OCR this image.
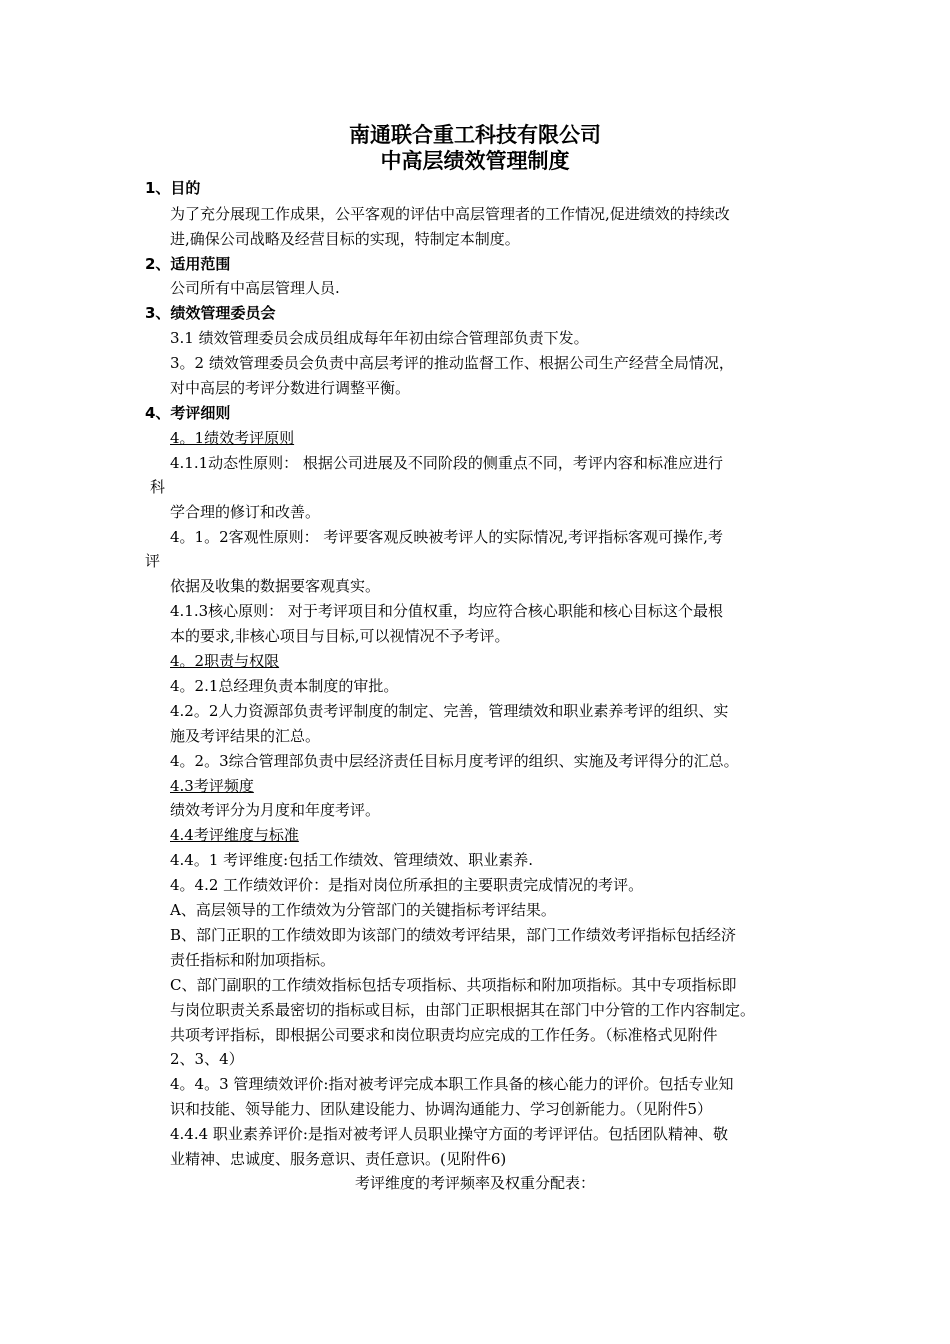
南通联合重工科技有限公司
中高层绩效管理制度
1、目的
为了充分展现工作成果，公平客观的评估中高层管理者的工作情况,促进绩效的持续改
进,确保公司战略及经营目标的实现，特制定本制度。
2、适用范围
公司所有中高层管理人员.
3、绩效管理委员会
3.1 绩效管理委员会成员组成每年年初由综合管理部负责下发。
3。2 绩效管理委员会负责中高层考评的推动监督工作、根据公司生产经营全局情况，
对中高层的考评分数进行调整平衡。
4、考评细则
4。1绩效考评原则
4.1.1动态性原则： 根据公司进展及不同阶段的侧重点不同，考评内容和标准应进行
科
学合理的修订和改善。
4。1。2客观性原则： 考评要客观反映被考评人的实际情况,考评指标客观可操作,考
评
依据及收集的数据要客观真实。
4.1.3核心原则： 对于考评项目和分值权重，均应符合核心职能和核心目标这个最根
本的要求,非核心项目与目标,可以视情况不予考评。
4。2职责与权限
4。2.1总经理负责本制度的审批。
4.2。2人力资源部负责考评制度的制定、完善，管理绩效和职业素养考评的组织、实
施及考评结果的汇总。
4。2。3综合管理部负责中层经济责任目标月度考评的组织、实施及考评得分的汇总。
4.3考评频度
绩效考评分为月度和年度考评。
4.4考评维度与标准
4.4。1 考评维度:包括工作绩效、管理绩效、职业素养.
4。4.2 工作绩效评价：是指对岗位所承担的主要职责完成情况的考评。
A、高层领导的工作绩效为分管部门的关键指标考评结果。
B、部门正职的工作绩效即为该部门的绩效考评结果，部门工作绩效考评指标包括经济
责任指标和附加项指标。
C、部门副职的工作绩效指标包括专项指标、共项指标和附加项指标。其中专项指标即
与岗位职责关系最密切的指标或目标，由部门正职根据其在部门中分管的工作内容制定。
共项考评指标，即根据公司要求和岗位职责均应完成的工作任务。（标准格式见附件
2、3、4）
4。4。3 管理绩效评价:指对被考评完成本职工作具备的核心能力的评价。包括专业知
识和技能、领导能力、团队建设能力、协调沟通能力、学习创新能力。（见附件5）
4.4.4 职业素养评价:是指对被考评人员职业操守方面的考评评估。包括团队精神、敬
业精神、忠诚度、服务意识、责任意识。(见附件6)
考评维度的考评频率及权重分配表：
